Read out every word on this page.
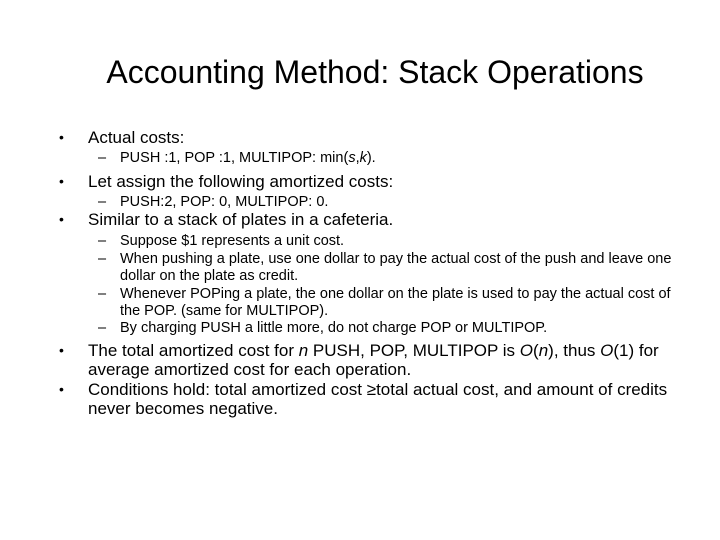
Accounting Method: Stack Operations
• Actual costs:
– PUSH :1, POP :1, MULTIPOP: min(s,k).
• Let assign the following amortized costs:
– PUSH:2, POP: 0, MULTIPOP: 0.
• Similar to a stack of plates in a cafeteria.
– Suppose $1 represents a unit cost.
– When pushing a plate, use one dollar to pay the actual cost of the push and leave one dollar on the plate as credit.
– Whenever POPing a plate, the one dollar on the plate is used to pay the actual cost of the POP. (same for MULTIPOP).
– By charging PUSH a little more, do not charge POP or MULTIPOP.
• The total amortized cost for n PUSH, POP, MULTIPOP is O(n), thus O(1) for average amortized cost for each operation.
• Conditions hold: total amortized cost ≥total actual cost, and amount of credits never becomes negative.
